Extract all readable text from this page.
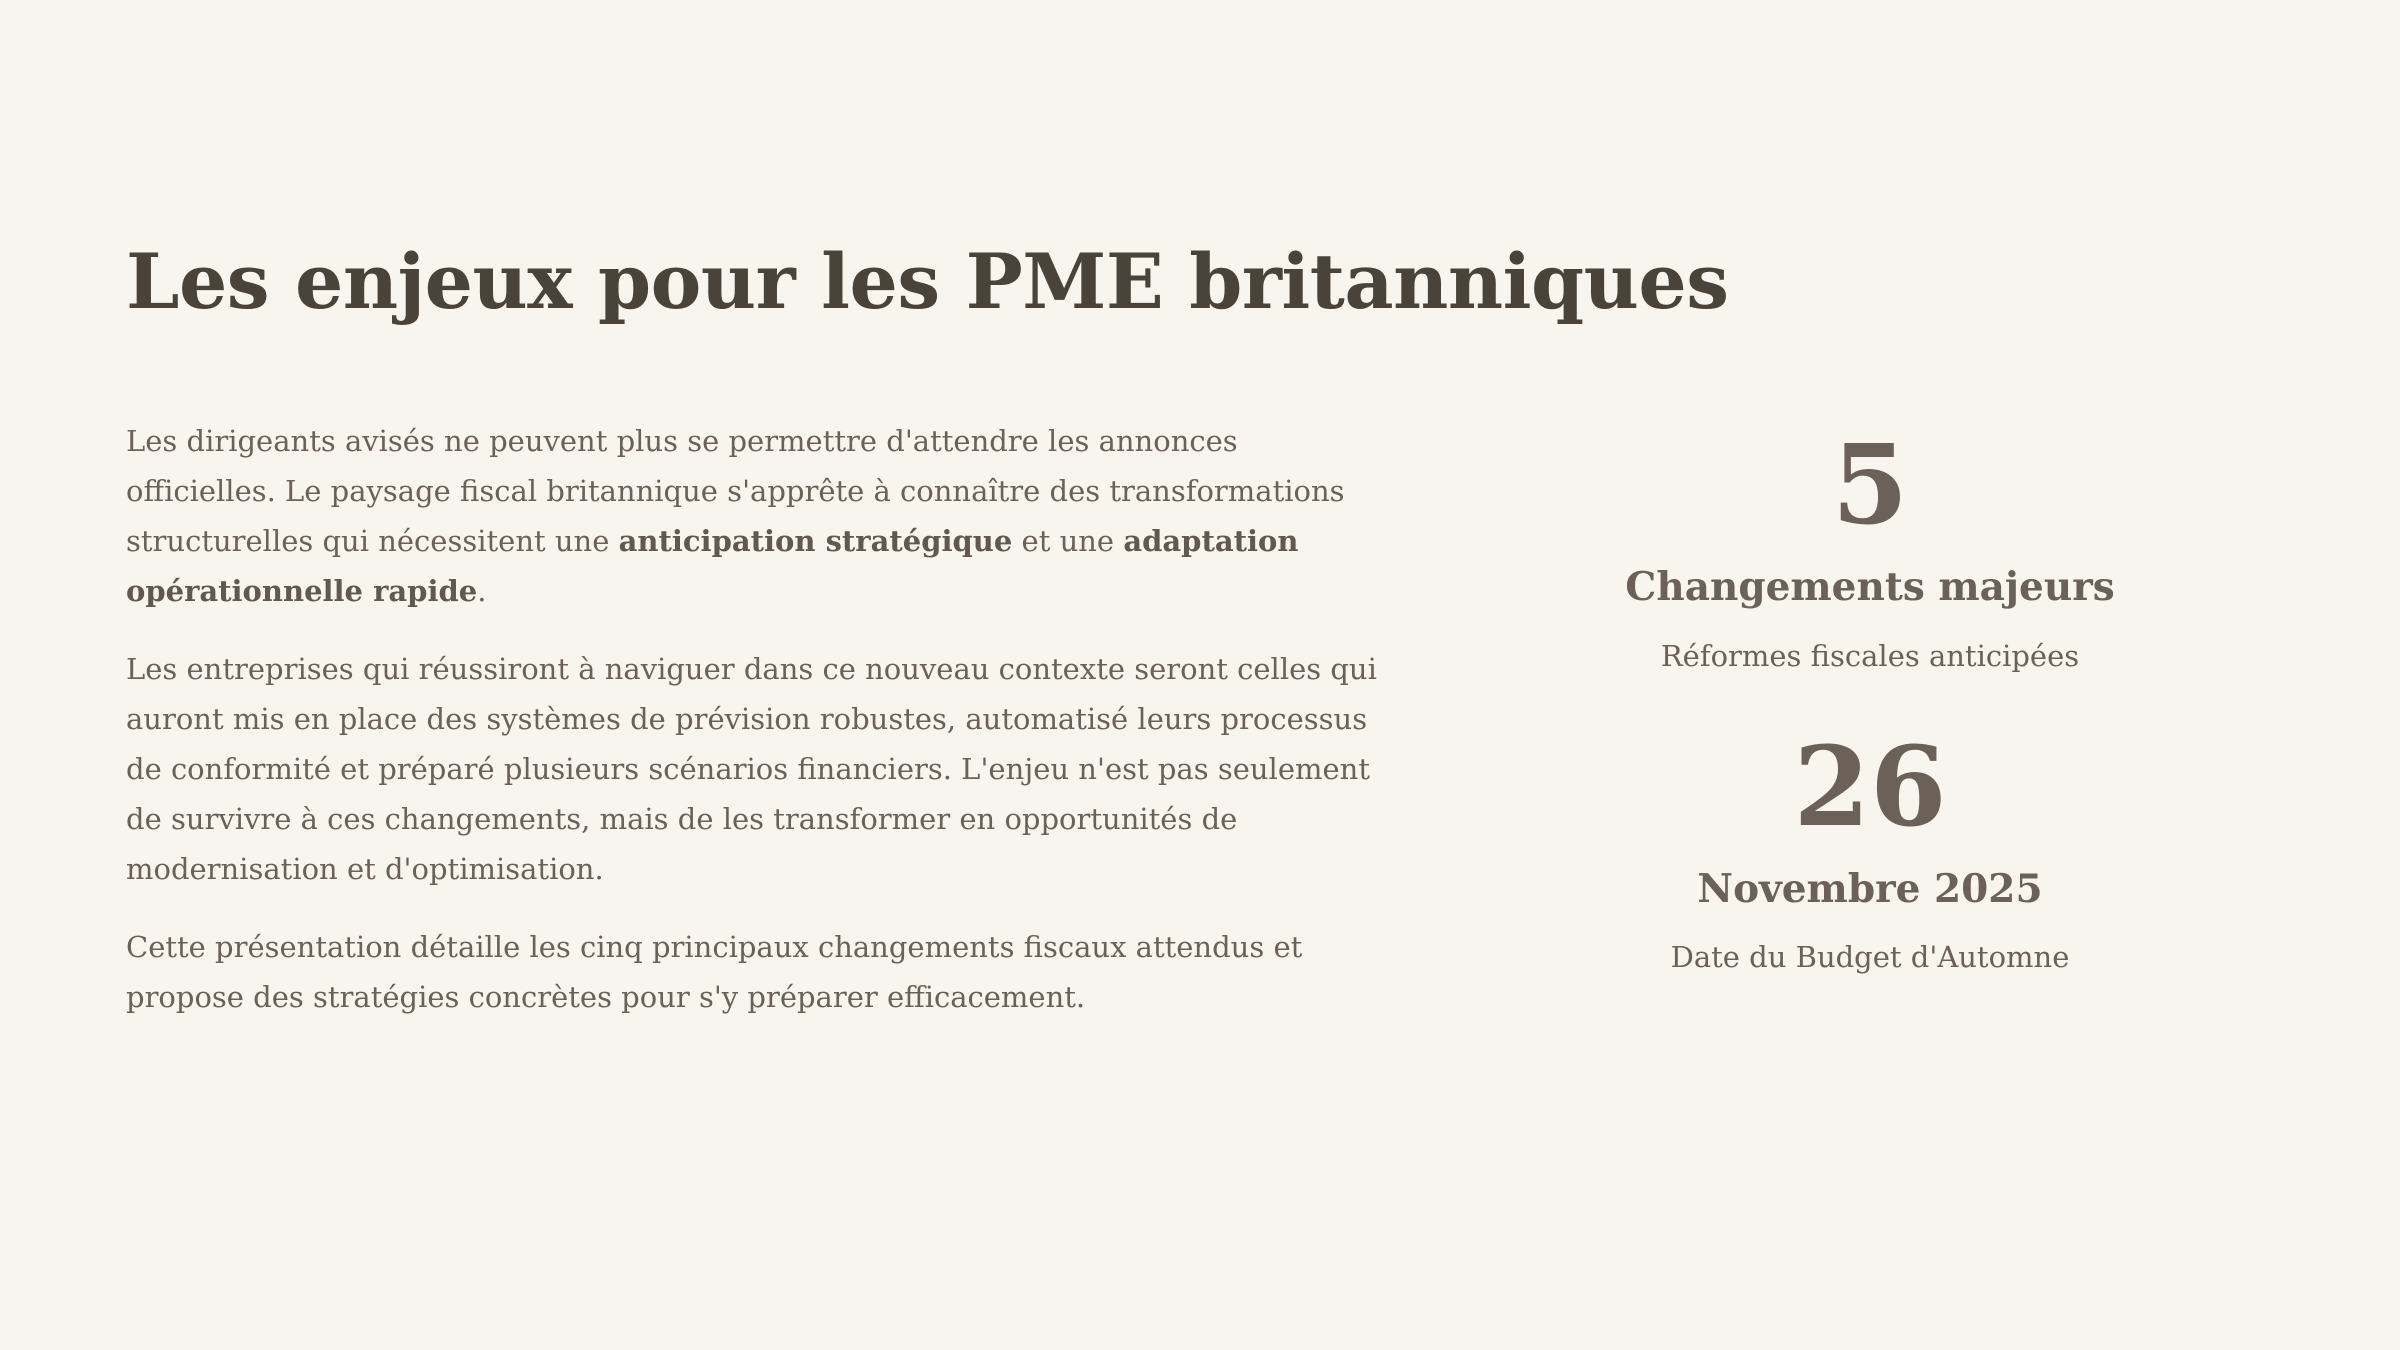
Les enjeux pour les PME britanniques

Les dirigeants avisés ne peuvent plus se permettre d'attendre les annonces officielles. Le paysage fiscal britannique s'apprête à connaître des transformations structurelles qui nécessitent une anticipation stratégique et une adaptation opérationnelle rapide.

Les entreprises qui réussiront à naviguer dans ce nouveau contexte seront celles qui auront mis en place des systèmes de prévision robustes, automatisé leurs processus de conformité et préparé plusieurs scénarios financiers. L'enjeu n'est pas seulement de survivre à ces changements, mais de les transformer en opportunités de modernisation et d'optimisation.

Cette présentation détaille les cinq principaux changements fiscaux attendus et propose des stratégies concrètes pour s'y préparer efficacement.

5
Changements majeurs
Réformes fiscales anticipées
26
Novembre 2025
Date du Budget d'Automne
